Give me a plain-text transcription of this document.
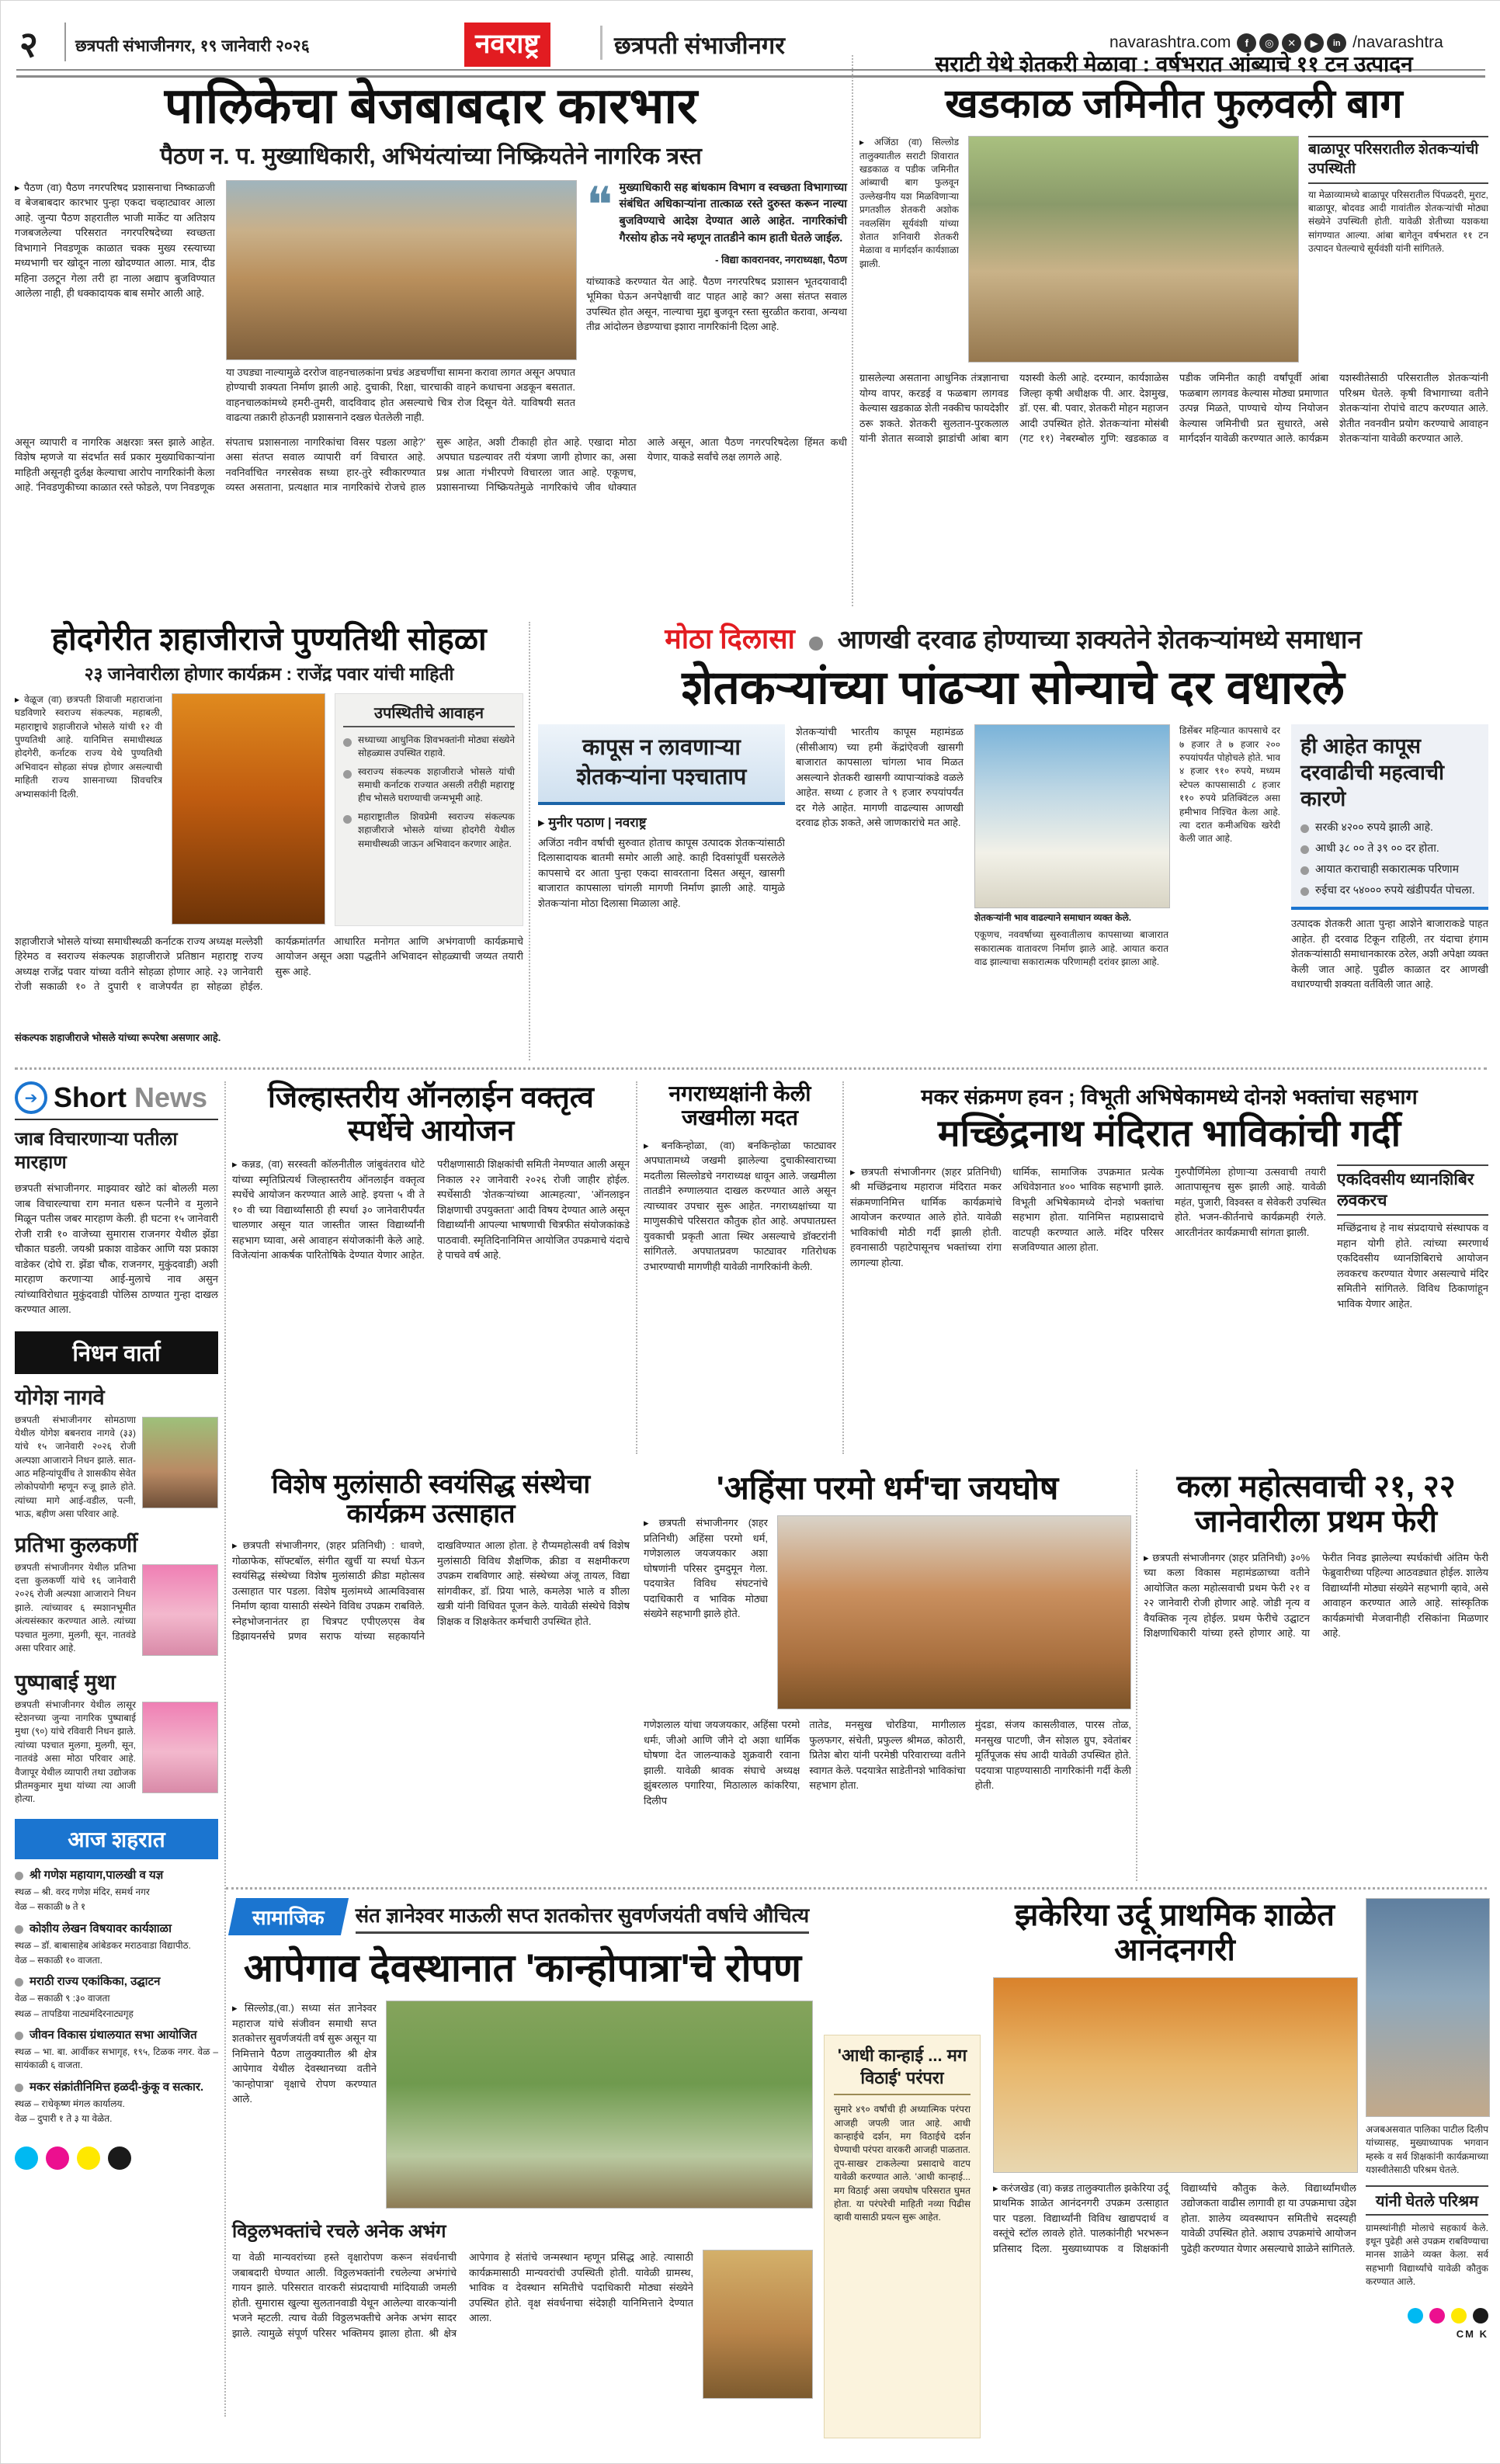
२ छत्रपती संभाजीनगर, १९ जानेवारी २०२६	नवराष्ट्र	छत्रपती संभाजीनगर	navarashtra.com f ◎ ✕ ▶ in /navarashtra
पालिकेचा बेजबाबदार कारभार
पैठण न. प. मुख्याधिकारी, अभियंत्यांच्या निष्क्रियतेने नागरिक त्रस्त
▸ पैठण (वा) पैठण नगरपरिषद प्रशासनाचा निष्काळजी व बेजबाबदार कारभार पुन्हा एकदा चव्हाट्यावर आला आहे. जुन्या पैठण शहरातील भाजी मार्केट या अतिशय गजबजलेल्या परिसरात नगरपरिषदेच्या स्वच्छता विभागाने निवडणूक काळात चक्क मुख्य रस्त्याच्या मध्यभागी चर खोदून नाला खोदण्यात आला. मात्र, दीड महिना उलटून गेला तरी हा नाला अद्याप बुजविण्यात आलेला नाही, ही धक्कादायक बाब समोर आली आहे.
या उघड्या नाल्यामुळे दररोज वाहनचालकांना प्रचंड अडचणींचा सामना करावा लागत असून अपघात होण्याची शक्यता निर्माण झाली आहे. दुचाकी, रिक्षा, चारचाकी वाहने कधाचना अडकून बसतात. वाहनचालकांमध्ये हमरी-तुमरी, वादविवाद होत असल्याचे चित्र रोज दिसून येते. याविषयी सतत वाढत्या तक्रारी होऊनही प्रशासनाने दखल घेतलेली नाही.
❝ मुख्याधिकारी सह बांधकाम विभाग व स्वच्छता विभागाच्या संबंधित अधिकाऱ्यांना तात्काळ रस्ते दुरुस्त करून नाल्या बुजविण्याचे आदेश देण्यात आले आहेत. नागरिकांची गैरसोय होऊ नये म्हणून तातडीने काम हाती घेतले जाईल.
- विद्या कावरानवर, नगराध्यक्षा, पैठण
यांच्याकडे करण्यात येत आहे. पैठण नगरपरिषद प्रशासन भूतदयावादी भूमिका घेऊन अनपेक्षाची वाट पाहत आहे का? असा संतप्त सवाल उपस्थित होत असून, नाल्याचा मुद्दा बुजवून रस्ता सुरळीत करावा, अन्यथा तीव्र आंदोलन छेडण्याचा इशारा नागरिकांनी दिला आहे.
असून व्यापारी व नागरिक अक्षरशः त्रस्त झाले आहेत. विशेष म्हणजे या संदर्भात सर्व प्रकार मुख्याधिकाऱ्यांना माहिती असूनही दुर्लक्ष केल्याचा आरोप नागरिकांनी केला आहे. 'निवडणुकीच्या काळात रस्ते फोडले, पण निवडणूक संपताच प्रशासनाला नागरिकांचा विसर पडला आहे?' असा संतप्त सवाल व्यापारी वर्ग विचारत आहे. नवनिर्वाचित नगरसेवक सध्या हार-तुरे स्वीकारण्यात व्यस्त असताना, प्रत्यक्षात मात्र नागरिकांचे रोजचे हाल सुरू आहेत, अशी टीकाही होत आहे. एखादा मोठा अपघात घडल्यावर तरी यंत्रणा जागी होणार का, असा प्रश्न आता गंभीरपणे विचारला जात आहे. एकूणच, प्रशासनाच्या निष्क्रियतेमुळे नागरिकांचे जीव धोक्यात आले असून, आता पैठण नगरपरिषदेला हिंमत कधी येणार, याकडे सर्वांचे लक्ष लागले आहे.
सराटी येथे शेतकरी मेळावा : वर्षभरात आंब्याचे ११ टन उत्पादन
खडकाळ जमिनीत फुलवली बाग
▸ अजिंठा (वा) सिल्लोड तालुक्यातील सराटी शिवारात खडकाळ व पडीक जमिनीत आंब्याची बाग फुलवून उल्लेखनीय यश मिळविणाऱ्या प्रगतशील शेतकरी अशोक नवलसिंग सूर्यवंशी यांच्या शेतात शनिवारी शेतकरी मेळावा व मार्गदर्शन कार्यशाळा झाली.
बाळापूर परिसरातील शेतकऱ्यांची उपस्थिती
या मेळाव्यामध्ये बाळापूर परिसरातील पिंपळदरी, मुराट, बाळापूर, बोदवड आदी गावांतील शेतकऱ्यांची मोठ्या संख्येने उपस्थिती होती. यावेळी शेतीच्या यशकथा सांगण्यात आल्या. आंबा बागेतून वर्षभरात ११ टन उत्पादन घेतल्याचे सूर्यवंशी यांनी सांगितले.
ग्रासलेल्या असताना आधुनिक तंत्रज्ञानाचा योग्य वापर, करडई व फळबाग लागवड केल्यास खडकाळ शेती नक्कीच फायदेशीर ठरू शकते. शेतकरी सुलतान-पुरकलाल यांनी शेतात सव्वाशे झाडांची आंबा बाग यशस्वी केली आहे. दरम्यान, कार्यशाळेस जिल्हा कृषी अधीक्षक पी. आर. देशमुख, डॉ. एस. बी. पवार, शेतकरी मोहन महाजन आदी उपस्थित होते. शेतकऱ्यांना मोसंबी (गट ११) नेबरम्बोल गुणि: खडकाळ व पडीक जमिनीत काही वर्षांपूर्वी आंबा फळबाग लागवड केल्यास मोठ्या प्रमाणात उत्पन्न मिळते, पाण्याचे योग्य नियोजन केल्यास जमिनीची प्रत सुधारते, असे मार्गदर्शन यावेळी करण्यात आले. कार्यक्रम यशस्वीतेसाठी परिसरातील शेतकऱ्यांनी परिश्रम घेतले. कृषी विभागाच्या वतीने शेतकऱ्यांना रोपांचे वाटप करण्यात आले. शेतीत नवनवीन प्रयोग करण्याचे आवाहन शेतकऱ्यांना यावेळी करण्यात आले.
होदगेरीत शहाजीराजे पुण्यतिथी सोहळा
२३ जानेवारीला होणार कार्यक्रम : राजेंद्र पवार यांची माहिती
▸ वेळूज (वा) छत्रपती शिवाजी महाराजांना घडविणारे स्वराज्य संकल्पक, महाबली, महाराष्ट्राचे शहाजीराजे भोसले यांची १२ वी पुण्यतिथी आहे. यानिमित्त समाधीस्थळ होदगेरी, कर्नाटक राज्य येथे पुण्यतिथी अभिवादन सोहळा संपन्न होणार असल्याची माहिती राज्य शासनाच्या शिवचरित्र अभ्यासकांनी दिली.
उपस्थितीचे आवाहन
सध्याच्या आधुनिक शिवभक्तांनी मोठ्या संख्येने सोहळ्यास उपस्थित राहावे.
स्वराज्य संकल्पक शहाजीराजे भोसले यांची समाधी कर्नाटक राज्यात असली तरीही महाराष्ट्र हीच भोसले घराण्याची जन्मभूमी आहे.
महाराष्ट्रातील शिवप्रेमी स्वराज्य संकल्पक शहाजीराजे भोसले यांच्या होदगेरी येथील समाधीस्थळी जाऊन अभिवादन करणार आहेत.
शहाजीराजे भोसले यांच्या समाधीस्थळी कर्नाटक राज्य अध्यक्ष मल्लेशी हिरेमठ व स्वराज्य संकल्पक शहाजीराजे प्रतिष्ठान महाराष्ट्र राज्य अध्यक्ष राजेंद्र पवार यांच्या वतीने सोहळा होणार आहे. २३ जानेवारी रोजी सकाळी १० ते दुपारी १ वाजेपर्यंत हा सोहळा होईल. कार्यक्रमांतर्गत आधारित मनोगत आणि अभंगवाणी कार्यक्रमाचे आयोजन असून अशा पद्धतीने अभिवादन सोहळ्याची जय्यत तयारी सुरू आहे.
संकल्पक शहाजीराजे भोसले यांच्या रूपरेषा असणार आहे.
मोठा दिलासा आणखी दरवाढ होण्याच्या शक्यतेने शेतकऱ्यांमध्ये समाधान
शेतकऱ्यांच्या पांढऱ्या सोन्याचे दर वधारले
कापूस न लावणाऱ्या शेतकऱ्यांना पश्चाताप
▸ मुनीर पठाण | नवराष्ट्र
अजिंठा नवीन वर्षाची सुरुवात होताच कापूस उत्पादक शेतकऱ्यांसाठी दिलासादायक बातमी समोर आली आहे. काही दिवसांपूर्वी घसरलेले कापसाचे दर आता पुन्हा एकदा सावरताना दिसत असून, खासगी बाजारात कापसाला चांगली मागणी निर्माण झाली आहे. यामुळे शेतकऱ्यांना मोठा दिलासा मिळाला आहे.
शेतकऱ्यांची भारतीय कापूस महामंडळ (सीसीआय) च्या हमी केंद्रांऐवजी खासगी बाजारात कापसाला चांगला भाव मिळत असल्याने शेतकरी खासगी व्यापाऱ्यांकडे वळले आहेत. सध्या ८ हजार ते ९ हजार रुपयांपर्यंत दर गेले आहेत. मागणी वाढल्यास आणखी दरवाढ होऊ शकते, असे जाणकारांचे मत आहे.
शेतकऱ्यांनी भाव वाढल्याने समाधान व्यक्त केले.
एकूणच, नववर्षाच्या सुरुवातीलाच कापसाच्या बाजारात सकारात्मक वातावरण निर्माण झाले आहे. आयात करात वाढ झाल्याचा सकारात्मक परिणामही दरांवर झाला आहे.
डिसेंबर महिन्यात कापसाचे दर ७ हजार ते ७ हजार २०० रुपयांपर्यंत पोहोचले होते. भाव ४ हजार ९१० रुपये, मध्यम स्टेपल कापसासाठी ८ हजार ११० रुपये प्रतिक्विंटल असा हमीभाव निश्चित केला आहे. त्या दरात कमीअधिक खरेदी केली जात आहे.
ही आहेत कापूस दरवाढीची महत्वाची कारणे
सरकी ४२०० रुपये झाली आहे.
आधी ३८ ०० ते ३९ ०० दर होता.
आयात कराचाही सकारात्मक परिणाम
रुईचा दर ५४००० रुपये खंडीपर्यंत पोचला.
उत्पादक शेतकरी आता पुन्हा आशेने बाजाराकडे पाहत आहेत. ही दरवाढ टिकून राहिली, तर यंदाचा हंगाम शेतकऱ्यांसाठी समाधानकारक ठरेल, अशी अपेक्षा व्यक्त केली जात आहे. पुढील काळात दर आणखी वधारण्याची शक्यता वर्तविली जात आहे.
➔ Short News
जाब विचारणाऱ्या पतीला मारहाण
छत्रपती संभाजीनगर. माझ्यावर खोटे कां बोलली मला जाब विचारल्याचा राग मनात धरून पत्नीने व मुलाने मिळून पतीस जबर मारहाण केली. ही घटना १५ जानेवारी रोजी रात्री १० वाजेच्या सुमारास राजनगर येथील झेंडा चौकात घडली. जयश्री प्रकाश वाडेकर आणि यश प्रकाश वाडेकर (दोघे रा. झेंडा चौक, राजनगर, मुकुंदवाडी) अशी मारहाण करणाऱ्या आई-मुलाचे नाव असुन त्यांच्याविरोधात मुकुंदवाडी पोलिस ठाण्यात गुन्हा दाखल करण्यात आला.
निधन वार्ता
योगेश नागवे
छत्रपती संभाजीनगर सोमठाणा येथील योगेश बबनराव नागवे (३३) यांचे १५ जानेवारी २०२६ रोजी अल्पशा आजाराने निधन झाले. सात-आठ महिन्यांपूर्वीच ते शासकीय सेवेत लोकोपयोगी म्हणून रुजू झाले होते. त्यांच्या मागे आई-वडील, पत्नी, भाऊ, बहीण असा परिवार आहे.
प्रतिभा कुलकर्णी
छत्रपती संभाजीनगर येथील प्रतिभा दत्ता कुलकर्णी यांचे १६ जानेवारी २०२६ रोजी अल्पशा आजाराने निधन झाले. त्यांच्यावर ६ स्मशानभूमीत अंत्यसंस्कार करण्यात आले. त्यांच्या पश्चात मुलगा, मुलगी, सून, नातवंडे असा परिवार आहे.
पुष्पाबाई मुथा
छत्रपती संभाजीनगर येथील लासूर स्टेशनच्या जुन्या नागरिक पुष्पाबाई मुथा (९०) यांचे रविवारी निधन झाले. त्यांच्या पश्चात मुलगा, मुलगी, सून, नातवंडे असा मोठा परिवार आहे. वैजापूर येथील व्यापारी तथा उद्योजक प्रीतमकुमार मुथा यांच्या त्या आजी होत्या.
आज शहरात
श्री गणेश महायाग,पालखी व यज्ञ
स्थळ – श्री. वरद गणेश मंदिर, समर्थ नगर
वेळ – सकाळी ७ ते १
कोशीय लेखन विषयावर कार्यशाळा
स्थळ – डॉ. बाबासाहेब आंबेडकर मराठवाडा विद्यापीठ.
वेळ – सकाळी १० वाजता.
मराठी राज्य एकांकिका, उद्घाटन
वेळ – सकाळी ९ :३० वाजता
स्थळ – तापडिया नाट्यमंदिरनाट्यगृह
जीवन विकास ग्रंथालयात सभा आयोजित
स्थळ – भा. बा. आर्वीकर सभागृह, १९५, टिळक नगर. वेळ – सायंकाळी ६ वाजता.
मकर संक्रांतीनिमित्त हळदी-कुंकू व सत्कार.
स्थळ – राधेकृष्ण मंगल कार्यालय.
वेळ – दुपारी १ ते ३ या वेळेत.
जिल्हास्तरीय ऑनलाईन वक्तृत्व स्पर्धेचे आयोजन
▸ कन्नड, (वा) सरस्वती कॉलनीतील जांबुवंतराव धोटे यांच्या स्मृतिप्रित्यर्थ जिल्हास्तरीय ऑनलाईन वक्तृत्व स्पर्धेचे आयोजन करण्यात आले आहे. इयत्ता ५ वी ते १० वी च्या विद्यार्थ्यांसाठी ही स्पर्धा ३० जानेवारीपर्यंत चालणार असून यात जास्तीत जास्त विद्यार्थ्यांनी सहभाग घ्यावा, असे आवाहन संयोजकांनी केले आहे. विजेत्यांना आकर्षक पारितोषिके देण्यात येणार आहेत. परीक्षणासाठी शिक्षकांची समिती नेमण्यात आली असून निकाल २२ जानेवारी २०२६ रोजी जाहीर होईल. स्पर्धेसाठी 'शेतकऱ्यांच्या आत्महत्या', 'ऑनलाइन शिक्षणाची उपयुक्तता' आदी विषय देण्यात आले असून विद्यार्थ्यांनी आपल्या भाषणाची चित्रफीत संयोजकांकडे पाठवावी. स्मृतिदिनानिमित्त आयोजित उपक्रमाचे यंदाचे हे पाचवे वर्ष आहे.
विशेष मुलांसाठी स्वयंसिद्ध संस्थेचा कार्यक्रम उत्साहात
▸ छत्रपती संभाजीनगर, (शहर प्रतिनिधी) : धावणे, गोळाफेक, सॉफ्टबॉल, संगीत खुर्ची या स्पर्धा घेऊन स्वयंसिद्ध संस्थेच्या विशेष मुलांसाठी क्रीडा महोत्सव उत्साहात पार पडला. विशेष मुलांमध्ये आत्मविश्वास निर्माण व्हावा यासाठी संस्थेने विविध उपक्रम राबविले. स्नेहभोजनानंतर हा चित्रपट एपीएलएस वेब डिझायनर्सचे प्रणव सराफ यांच्या सहकार्याने दाखविण्यात आला होता. हे रौप्यमहोत्सवी वर्ष विशेष मुलांसाठी विविध शैक्षणिक, क्रीडा व सक्षमीकरण उपक्रम राबविणार आहे. संस्थेच्या अंजू तायल, विद्या सांगवीकर, डॉ. प्रिया भाले, कमलेश भाले व शीला खत्री यांनी विधिवत पूजन केले. यावेळी संस्थेचे विशेष शिक्षक व शिक्षकेतर कर्मचारी उपस्थित होते.
नगराध्यक्षांनी केली जखमीला मदत
▸ बनकिन्होळा, (वा) बनकिन्होळा फाट्यावर अपघातामध्ये जखमी झालेल्या दुचाकीस्वाराच्या मदतीला सिल्लोडचे नगराध्यक्ष धावून आले. जखमीला तातडीने रुग्णालयात दाखल करण्यात आले असून त्याच्यावर उपचार सुरू आहेत. नगराध्यक्षांच्या या माणुसकीचे परिसरात कौतुक होत आहे. अपघातग्रस्त युवकाची प्रकृती आता स्थिर असल्याचे डॉक्टरांनी सांगितले. अपघातप्रवण फाट्यावर गतिरोधक उभारण्याची मागणीही यावेळी नागरिकांनी केली.
मकर संक्रमण हवन ; विभूती अभिषेकामध्ये दोनशे भक्तांचा सहभाग
मच्छिंद्रनाथ मंदिरात भाविकांची गर्दी
▸ छत्रपती संभाजीनगर (शहर प्रतिनिधी) श्री मच्छिंद्रनाथ महाराज मंदिरात मकर संक्रमणानिमित्त धार्मिक कार्यक्रमांचे आयोजन करण्यात आले होते. यावेळी भाविकांची मोठी गर्दी झाली होती. हवनासाठी पहाटेपासूनच भक्तांच्या रांगा लागल्या होत्या.
धार्मिक, सामाजिक उपक्रमात प्रत्येक अधिवेशनात ४०० भाविक सहभागी झाले. विभूती अभिषेकामध्ये दोनशे भक्तांचा सहभाग होता. यानिमित्त महाप्रसादाचे वाटपही करण्यात आले. मंदिर परिसर सजविण्यात आला होता.
गुरुपौर्णिमेला होणाऱ्या उत्सवाची तयारी आतापासूनच सुरू झाली आहे. यावेळी महंत, पुजारी, विश्वस्त व सेवेकरी उपस्थित होते. भजन-कीर्तनाचे कार्यक्रमही रंगले. आरतीनंतर कार्यक्रमाची सांगता झाली.
एकदिवसीय ध्यानशिबिर लवकरच
मच्छिंद्रनाथ हे नाथ संप्रदायाचे संस्थापक व महान योगी होते. त्यांच्या स्मरणार्थ एकदिवसीय ध्यानशिबिराचे आयोजन लवकरच करण्यात येणार असल्याचे मंदिर समितीने सांगितले. विविध ठिकाणांहून भाविक येणार आहेत.
'अहिंसा परमो धर्म'चा जयघोष
▸ छत्रपती संभाजीनगर (शहर प्रतिनिधी) अहिंसा परमो धर्म, गणेशलाल जयजयकार अशा घोषणांनी परिसर दुमदुमून गेला. पदयात्रेत विविध संघटनांचे पदाधिकारी व भाविक मोठ्या संख्येने सहभागी झाले होते.
गणेशलाल यांचा जयजयकार, अहिंसा परमो धर्मः, जीओ आणि जीने दो अशा धार्मिक घोषणा देत जालन्याकडे शुक्रवारी रवाना झाली. यावेळी श्रावक संघाचे अध्यक्ष झुंबरलाल पगारिया, मिठालाल कांकरिया, दिलीप
तातेड, मनसुख चोरडिया, मागीलाल फुलफगर, संचेती, प्रफुल्ल श्रीमळ, कोठारी, प्रितेश बोरा यांनी परमेष्ठी परिवाराच्या वतीने स्वागत केले. पदयात्रेत साडेतीनशे भाविकांचा सहभाग होता.
मुंदडा, संजय कासलीवाल, पारस तोळ, मनसुख पाटणी, जैन सोशल ग्रुप, श्वेतांबर मूर्तिपूजक संघ आदी यावेळी उपस्थित होते. पदयात्रा पाहण्यासाठी नागरिकांनी गर्दी केली होती.
कला महोत्सवाची २१, २२ जानेवारीला प्रथम फेरी
▸ छत्रपती संभाजीनगर (शहर प्रतिनिधी) ३०% च्या कला विकास महामंडळाच्या वतीने आयोजित कला महोत्सवाची प्रथम फेरी २१ व २२ जानेवारी रोजी होणार आहे. जोडी नृत्य व वैयक्तिक नृत्य होईल. प्रथम फेरीचे उद्घाटन शिक्षणाधिकारी यांच्या हस्ते होणार आहे. या फेरीत निवड झालेल्या स्पर्धकांची अंतिम फेरी फेब्रुवारीच्या पहिल्या आठवड्यात होईल. शालेय विद्यार्थ्यांनी मोठ्या संख्येने सहभागी व्हावे, असे आवाहन करण्यात आले आहे. सांस्कृतिक कार्यक्रमांची मेजवानीही रसिकांना मिळणार आहे.
सामाजिक	संत ज्ञानेश्वर माऊली सप्त शतकोत्तर सुवर्णजयंती वर्षाचे औचित्य
आपेगाव देवस्थानात 'कान्होपात्रा'चे रोपण
▸ सिल्लोड,(वा.) सध्या संत ज्ञानेश्वर महाराज यांचे संजीवन समाधी सप्त शतकोत्तर सुवर्णजयंती वर्ष सुरू असून या निमित्ताने पैठण तालुक्यातील श्री क्षेत्र आपेगाव येथील देवस्थानच्या वतीने 'कान्होपात्रा' वृक्षाचे रोपण करण्यात आले.
विठ्ठलभक्तांचे रचले अनेक अभंग
या वेळी मान्यवरांच्या हस्ते वृक्षारोपण करून संवर्धनाची जबाबदारी घेण्यात आली. विठ्ठलभक्तांनी रचलेल्या अभंगांचे गायन झाले. परिसरात वारकरी संप्रदायाची मांदियाळी जमली होती. सुमारास खुल्या सुलतानवाडी येथून आलेल्या वारकऱ्यांनी भजने म्हटली. त्याच वेळी विठ्ठलभक्तीचे अनेक अभंग सादर झाले. त्यामुळे संपूर्ण परिसर भक्तिमय झाला होता. श्री क्षेत्र आपेगाव हे संतांचे जन्मस्थान म्हणून प्रसिद्ध आहे. त्यासाठी कार्यक्रमासाठी मान्यवरांची उपस्थिती होती. यावेळी ग्रामस्थ, भाविक व देवस्थान समितीचे पदाधिकारी मोठ्या संख्येने उपस्थित होते. वृक्ष संवर्धनाचा संदेशही यानिमित्ताने देण्यात आला.
'आधी कान्हाई ... मग विठाई' परंपरा
सुमारे ४९० वर्षांची ही अध्यात्मिक परंपरा आजही जपली जात आहे. आधी कान्हाईचे दर्शन, मग विठाईचे दर्शन घेण्याची परंपरा वारकरी आजही पाळतात. तूप-साखर टाकलेल्या प्रसादाचे वाटप यावेळी करण्यात आले. 'आधी कान्हाई... मग विठाई' असा जयघोष परिसरात घुमत होता. या परंपरेची माहिती नव्या पिढीस व्हावी यासाठी प्रयत्न सुरू आहेत.
झकेरिया उर्दू प्राथमिक शाळेत आनंदनगरी
▸ करंजखेड (वा) कन्नड तालुक्यातील झकेरिया उर्दू प्राथमिक शाळेत आनंदनगरी उपक्रम उत्साहात पार पडला. विद्यार्थ्यांनी विविध खाद्यपदार्थ व वस्तूंचे स्टॉल लावले होते. पालकांनीही भरभरून प्रतिसाद दिला. मुख्याध्यापक व शिक्षकांनी विद्यार्थ्यांचे कौतुक केले. विद्यार्थ्यांमधील उद्योजकता वाढीस लागावी हा या उपक्रमाचा उद्देश होता. शालेय व्यवस्थापन समितीचे सदस्यही यावेळी उपस्थित होते. अशाच उपक्रमांचे आयोजन पुढेही करण्यात येणार असल्याचे शाळेने सांगितले.
अजबअसवात पालिका पाटील दिलीप यांच्यासह, मुख्याध्यापक भगवान म्हस्के व सर्व शिक्षकांनी कार्यक्रमाच्या यशस्वीतेसाठी परिश्रम घेतले.
यांनी घेतले परिश्रम
ग्रामस्थांनीही मोलाचे सहकार्य केले. इथून पुढेही असे उपक्रम राबविण्याचा मानस शाळेने व्यक्त केला. सर्व सहभागी विद्यार्थ्यांचे यावेळी कौतुक करण्यात आले.
CM K
